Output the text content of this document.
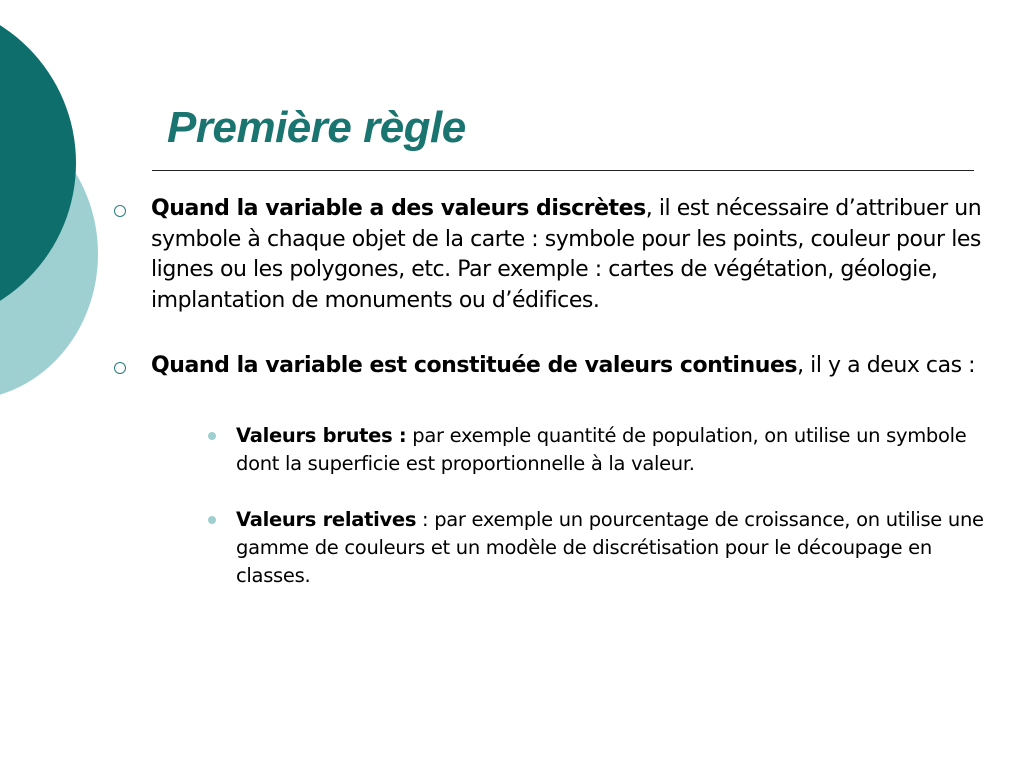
Première règle
Quand la variable a des valeurs discrètes, il est nécessaire d’attribuer un symbole à chaque objet de la carte : symbole pour les points, couleur pour les lignes ou les polygones, etc. Par exemple : cartes de végétation, géologie, implantation de monuments ou d’édifices.
Quand la variable est constituée de valeurs continues, il y a deux cas :
Valeurs brutes : par exemple quantité de population, on utilise un symbole dont la superficie est proportionnelle à la valeur.
Valeurs relatives : par exemple un pourcentage de croissance, on utilise une gamme de couleurs et un modèle de discrétisation pour le découpage en classes.
